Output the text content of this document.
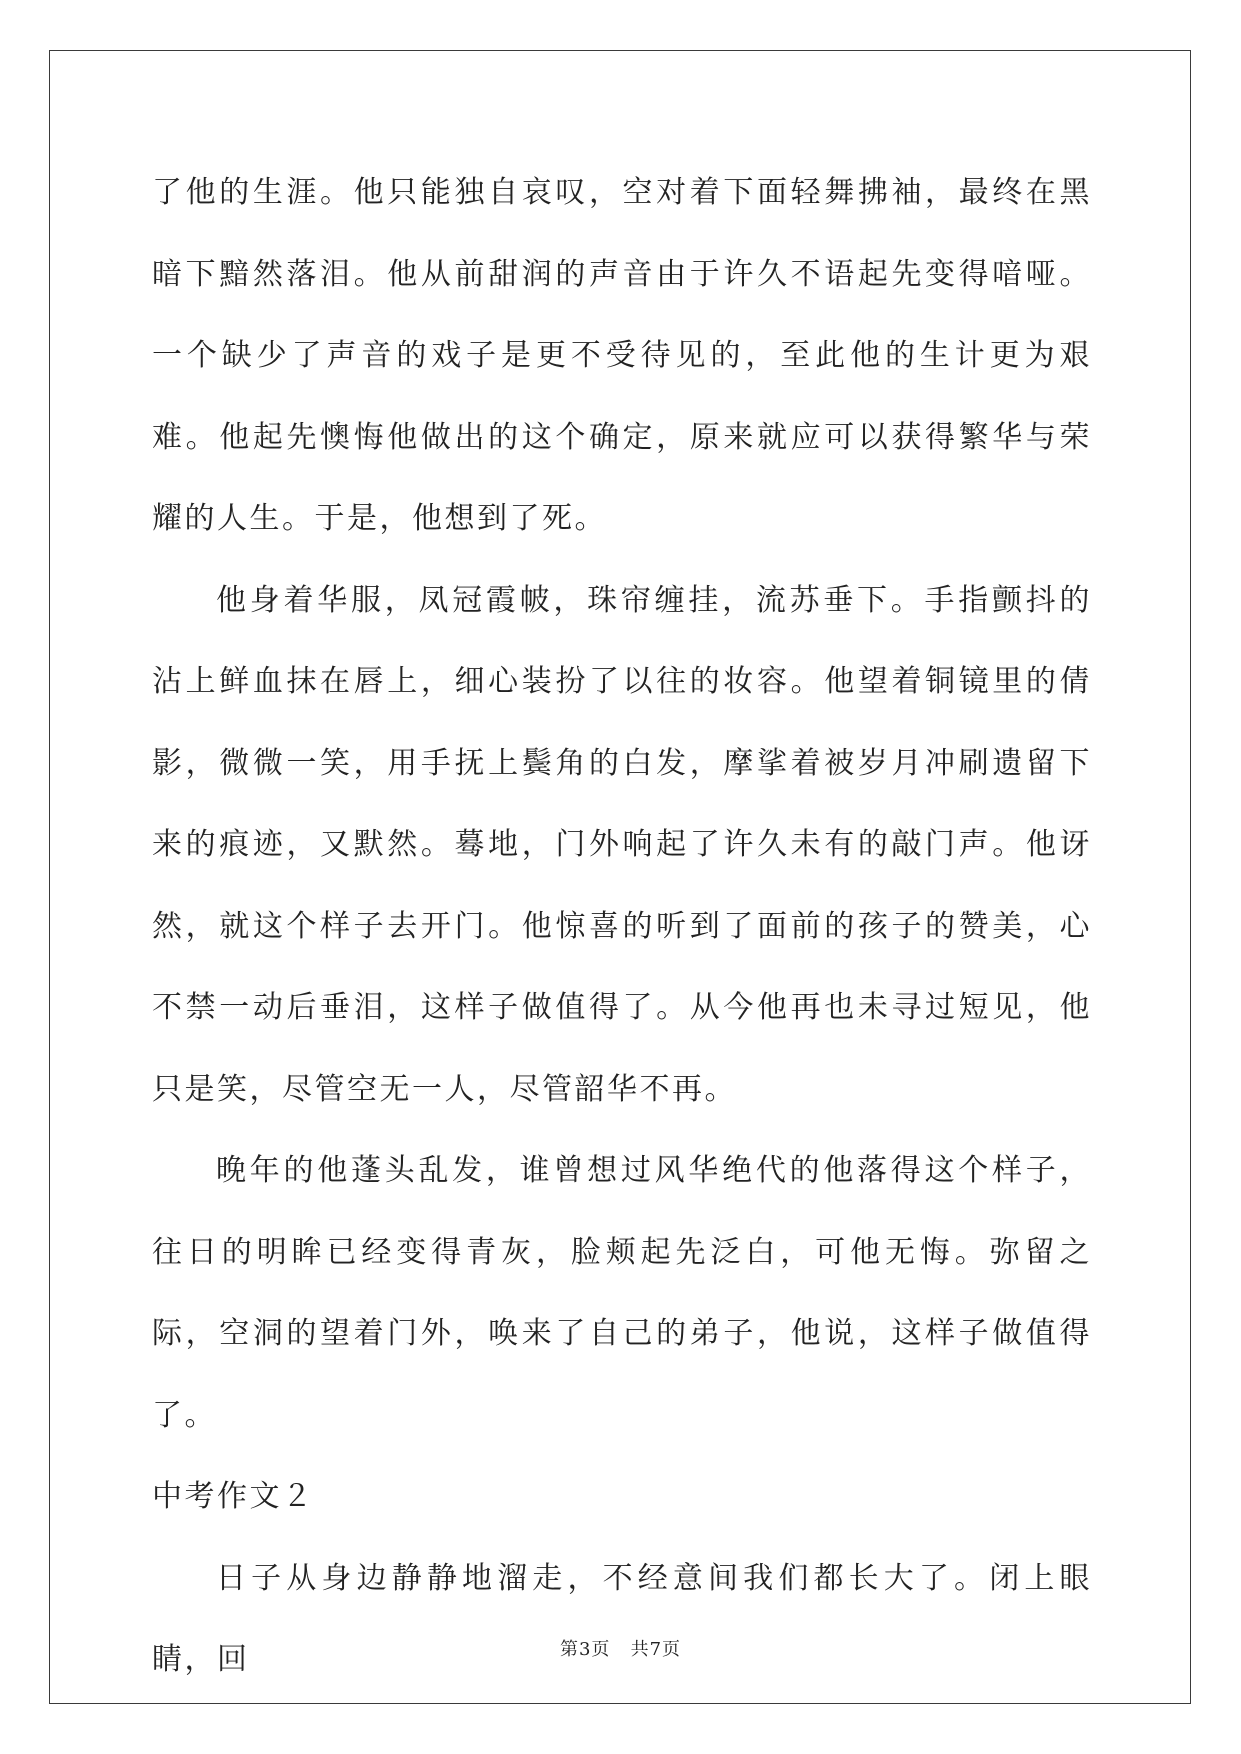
了他的生涯。他只能独自哀叹，空对着下面轻舞拂袖，最终在黑暗下黯然落泪。他从前甜润的声音由于许久不语起先变得喑哑。一个缺少了声音的戏子是更不受待见的，至此他的生计更为艰难。他起先懊悔他做出的这个确定，原来就应可以获得繁华与荣耀的人生。于是，他想到了死。

他身着华服，凤冠霞帔，珠帘缠挂，流苏垂下。手指颤抖的沾上鲜血抹在唇上，细心装扮了以往的妆容。他望着铜镜里的倩影，微微一笑，用手抚上鬓角的白发，摩挲着被岁月冲刷遗留下来的痕迹，又默然。蓦地，门外响起了许久未有的敲门声。他讶然，就这个样子去开门。他惊喜的听到了面前的孩子的赞美，心不禁一动后垂泪，这样子做值得了。从今他再也未寻过短见，他只是笑，尽管空无一人，尽管韶华不再。

晚年的他蓬头乱发，谁曾想过风华绝代的他落得这个样子，往日的明眸已经变得青灰，脸颊起先泛白，可他无悔。弥留之际，空洞的望着门外，唤来了自己的弟子，他说，这样子做值得了。

中考作文２

日子从身边静静地溜走，不经意间我们都长大了。闭上眼睛，回	第3页 共7页
